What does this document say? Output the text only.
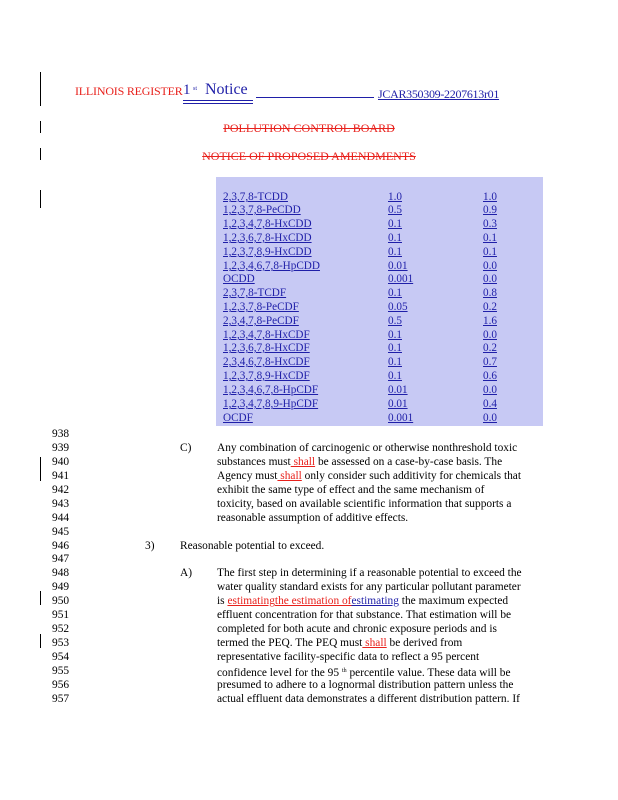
ILLINOIS REGISTER 1 st Notice	JCAR350309-2207613r01
POLLUTION CONTROL BOARD
NOTICE OF PROPOSED AMENDMENTS
2,3,7,8-TCDD	1.0	1.0
1,2,3,7,8-PeCDD	0.5	0.9
1,2,3,4,7,8-HxCDD	0.1	0.3
1,2,3,6,7,8-HxCDD	0.1	0.1
1,2,3,7,8,9-HxCDD	0.1	0.1
1,2,3,4,6,7,8-HpCDD	0.01	0.0
OCDD	0.001	0.0
2,3,7,8-TCDF	0.1	0.8
1,2,3,7,8-PeCDF	0.05	0.2
2,3,4,7,8-PeCDF	0.5	1.6
1,2,3,4,7,8-HxCDF	0.1	0.0
1,2,3,6,7,8-HxCDF	0.1	0.2
2,3,4,6,7,8-HxCDF	0.1	0.7
1,2,3,7,8,9-HxCDF	0.1	0.6
1,2,3,4,6,7,8-HpCDF	0.01	0.0
1,2,3,4,7,8,9-HpCDF	0.01	0.4
OCDF	0.001	0.0
938
939
940
941
942
943
944
945
946
947
948
949
950
951
952
953
954
955
956
957
C) Any combination of carcinogenic or otherwise nonthreshold toxic
substances must shall be assessed on a case-by-case basis. The
Agency must shall only consider such additivity for chemicals that
exhibit the same type of effect and the same mechanism of
toxicity, based on available scientific information that supports a
reasonable assumption of additive effects.
3) Reasonable potential to exceed.
A) The first step in determining if a reasonable potential to exceed the
water quality standard exists for any particular pollutant parameter
is estimatingthe estimation ofestimating the maximum expected
effluent concentration for that substance. That estimation will be
completed for both acute and chronic exposure periods and is
termed the PEQ. The PEQ must shall be derived from
representative facility-specific data to reflect a 95 percent
confidence level for the 95 $^{th}$ percentile value. These data will be
presumed to adhere to a lognormal distribution pattern unless the
actual effluent data demonstrates a different distribution pattern. If
